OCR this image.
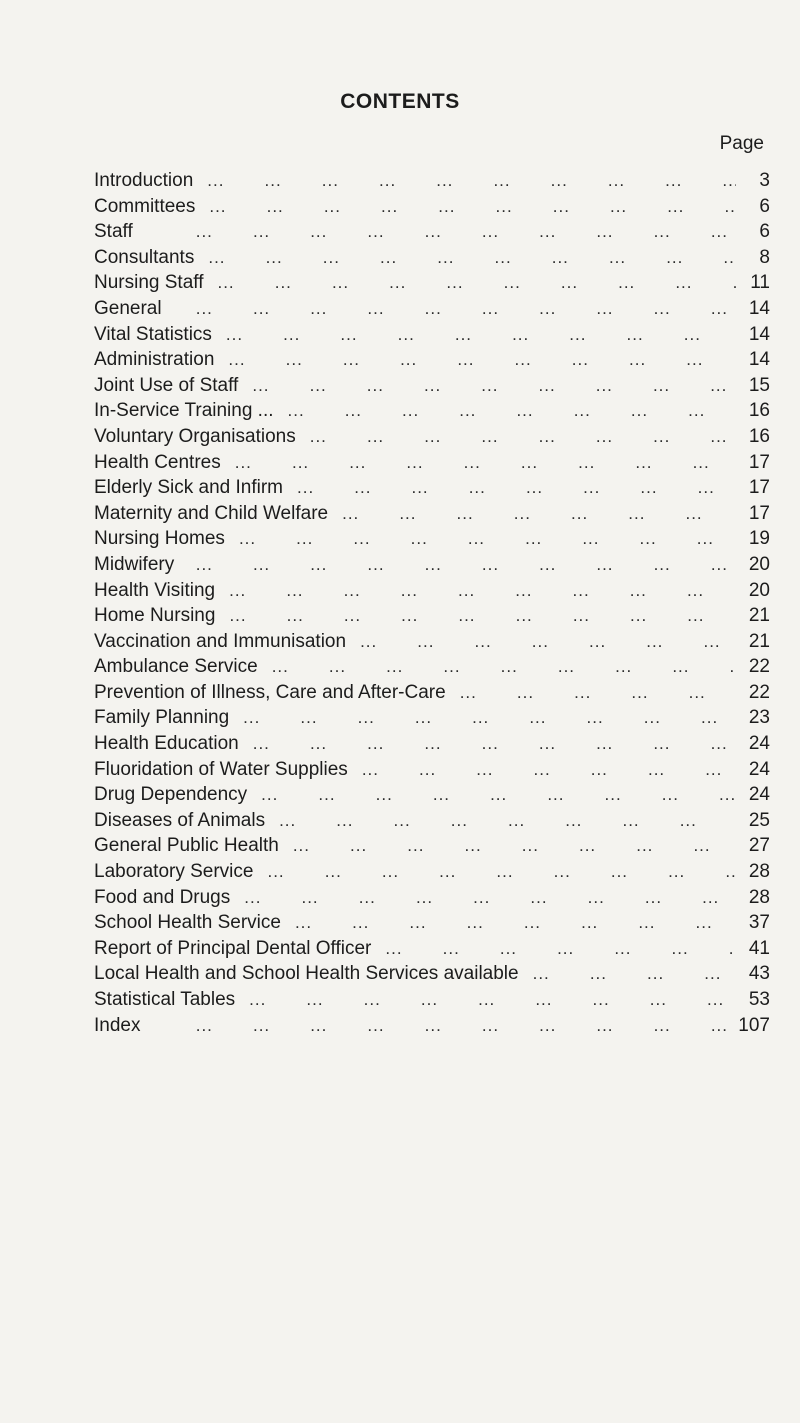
CONTENTS
Page
Introduction ...	3
Committees ...	6
Staff ...	6
Consultants ...	8
Nursing Staff ...	11
General ...	14
Vital Statistics ...	14
Administration ...	14
Joint Use of Staff ...	15
In-Service Training ... ...	16
Voluntary Organisations ...	16
Health Centres ...	17
Elderly Sick and Infirm ...	17
Maternity and Child Welfare ...	17
Nursing Homes ...	19
Midwifery ...	20
Health Visiting ...	20
Home Nursing ...	21
Vaccination and Immunisation ...	21
Ambulance Service ...	22
Prevention of Illness, Care and After-Care ...	22
Family Planning ...	23
Health Education ...	24
Fluoridation of Water Supplies ...	24
Drug Dependency ...	24
Diseases of Animals ...	25
General Public Health ...	27
Laboratory Service ...	28
Food and Drugs ...	28
School Health Service ...	37
Report of Principal Dental Officer ...	41
Local Health and School Health Services available ...	43
Statistical Tables ...	53
Index ...	107
